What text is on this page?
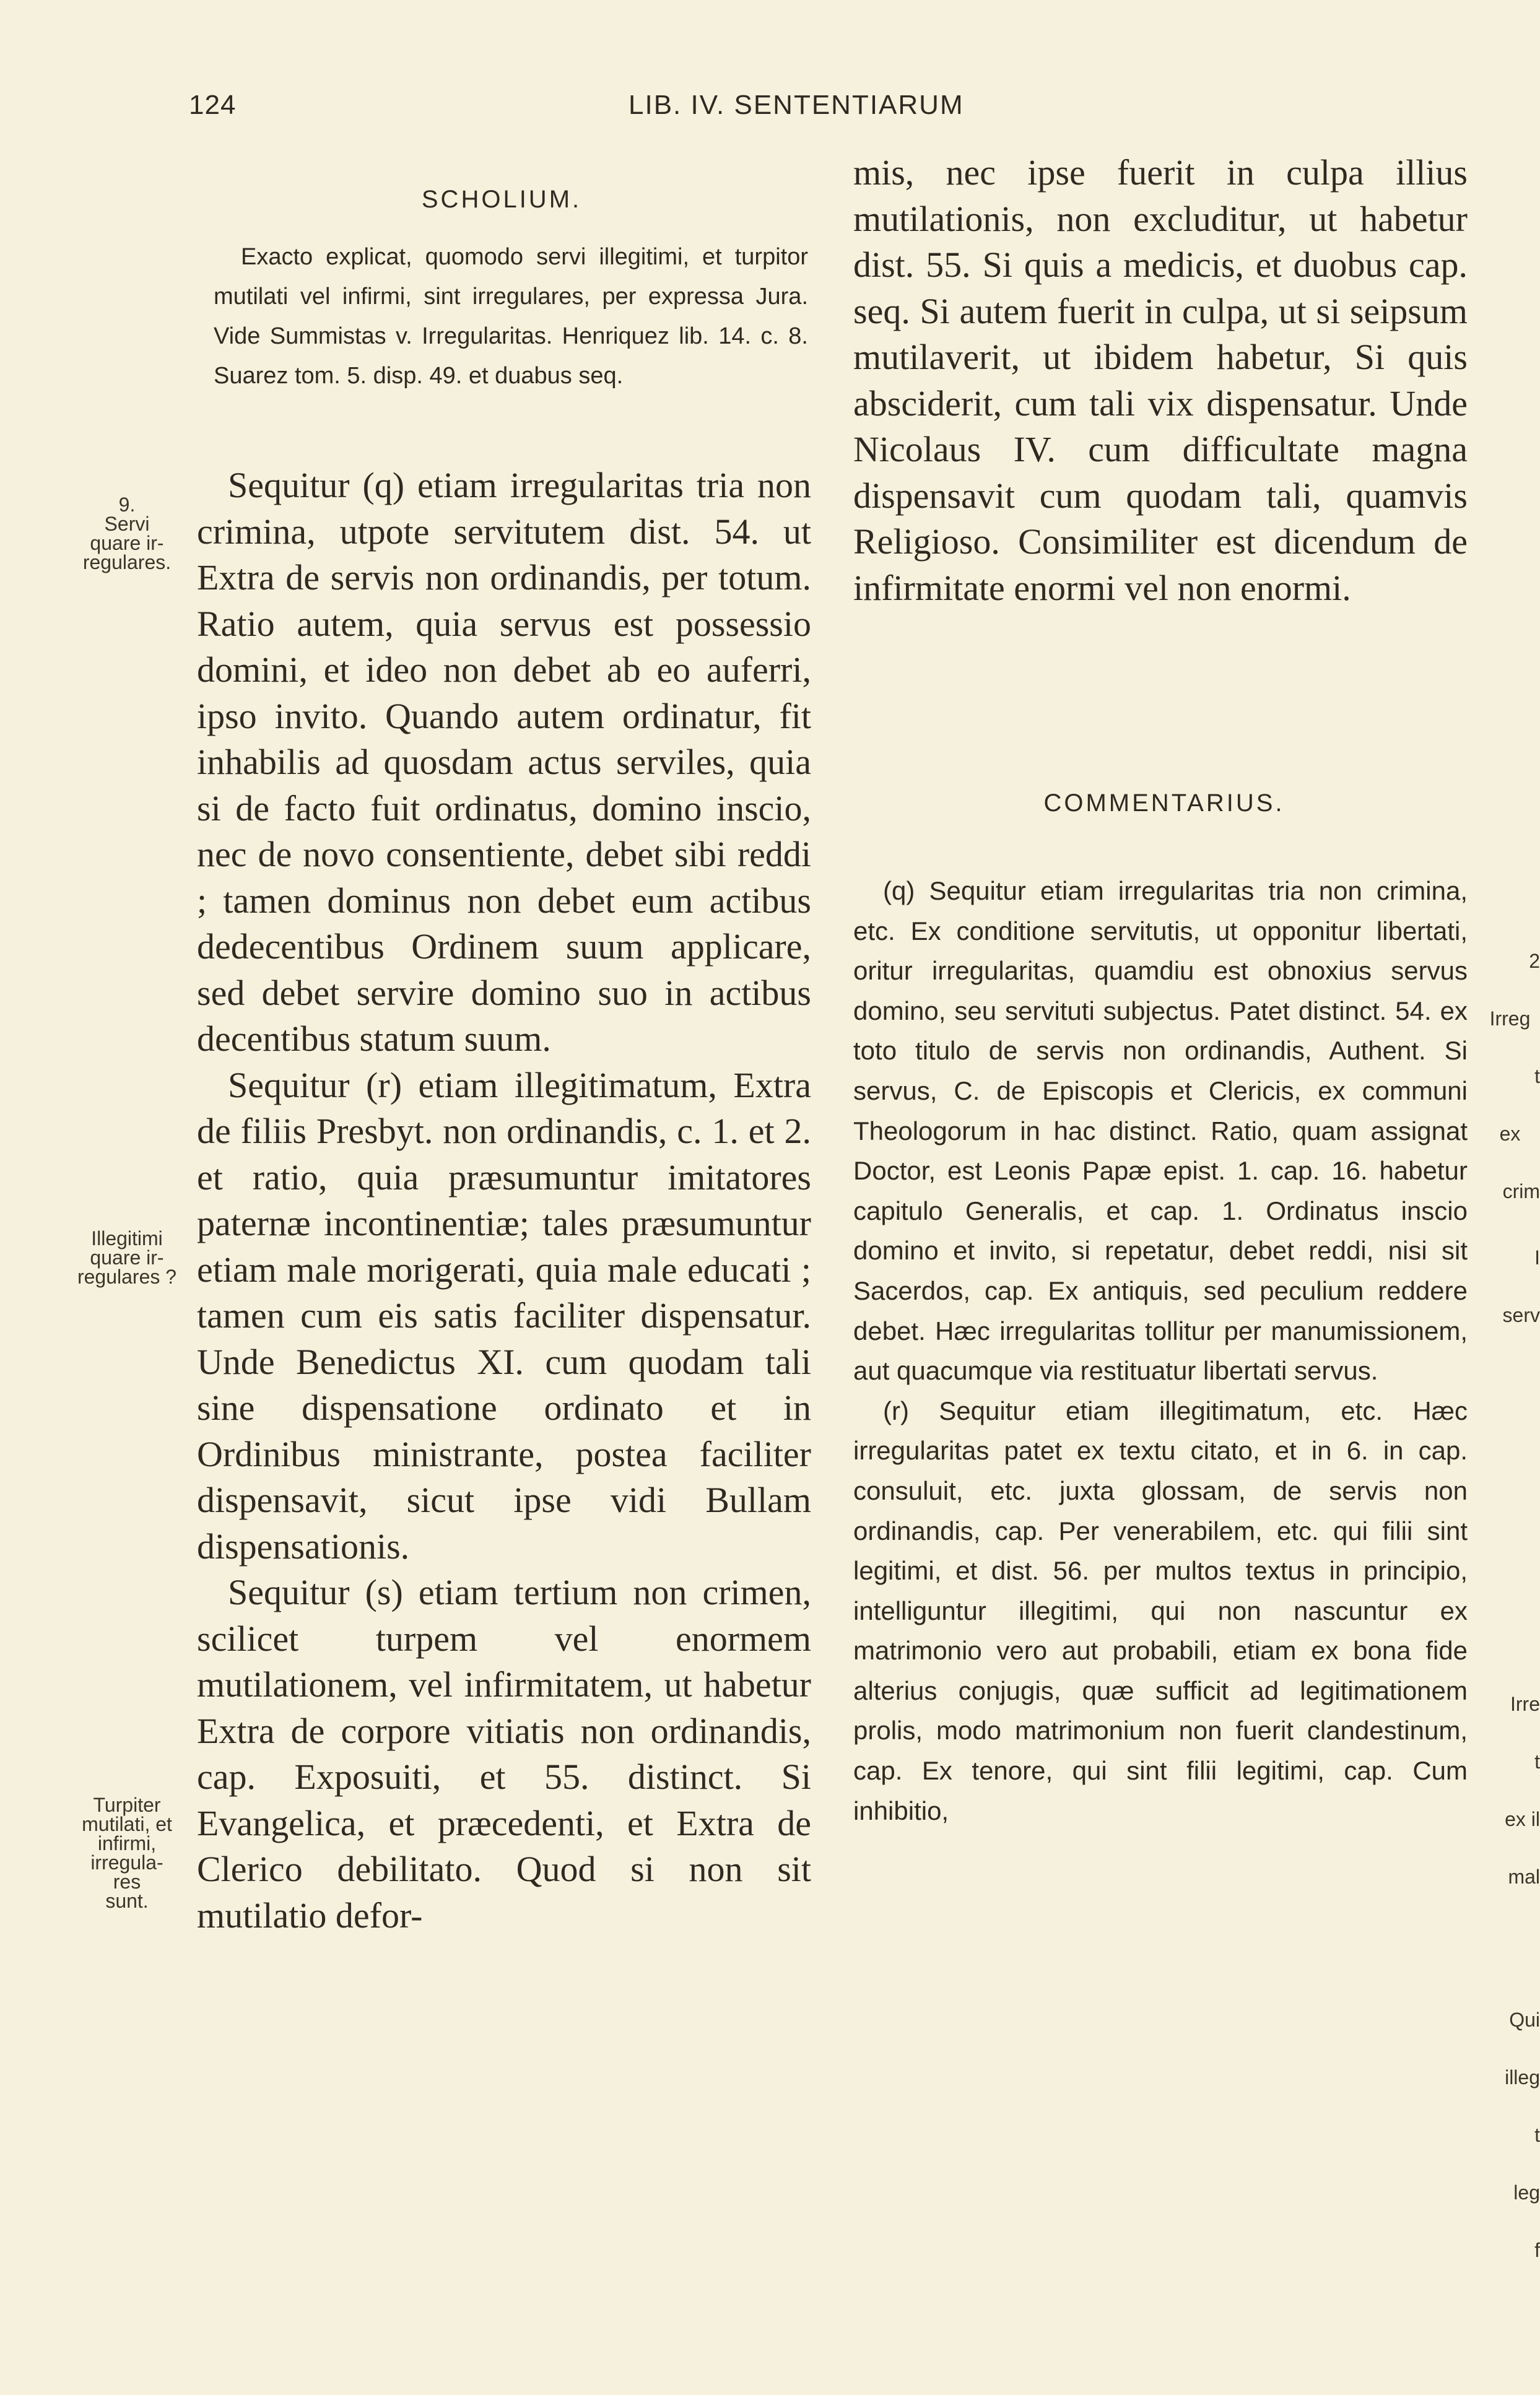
124	LIB. IV. SENTENTIARUM
SCHOLIUM.

Exacto explicat, quomodo servi illegitimi, et turpitor mutilati vel infirmi, sint irregulares, per expressa Jura. Vide Summistas v. Irregularitas. Henriquez lib. 14. c. 8. Suarez tom. 5. disp. 49. et duabus seq.

Sequitur (q) etiam irregularitas tria non crimina, utpote servitutem dist. 54. ut Extra de servis non ordinandis, per totum. Ratio autem, quia servus est possessio domini, et ideo non debet ab eo auferri, ipso invito. Quando autem ordinatur, fit inhabilis ad quosdam actus serviles, quia si de facto fuit ordinatus, domino inscio, nec de novo consentiente, debet sibi reddi ; tamen dominus non debet eum actibus dedecentibus Ordinem suum applicare, sed debet servire domino suo in actibus decentibus statum suum.

Sequitur (r) etiam illegitimatum, Extra de filiis Presbyt. non ordinandis, c. 1. et 2. et ratio, quia præsumuntur imitatores paternæ incontinentiæ; tales præsumuntur etiam male morigerati, quia male educati ; tamen cum eis satis faciliter dispensatur. Unde Benedictus XI. cum quodam tali sine dispensatione ordinato et in Ordinibus ministrante, postea faciliter dispensavit, sicut ipse vidi Bullam dispensationis.

Sequitur (s) etiam tertium non crimen, scilicet turpem vel enormem mutilationem, vel infirmitatem, ut habetur Extra de corpore vitiatis non ordinandis, cap. Exposuiti, et 55. distinct. Si Evangelica, et præcedenti, et Extra de Clerico debilitato. Quod si non sit mutilatio defor-

9.
Servi
quare ir-
regulares.
Illegitimi
quare ir-
regulares ?
Turpiter
mutilati, et
infirmi,
irregula-
res
sunt.

mis, nec ipse fuerit in culpa illius mutilationis, non excluditur, ut habetur dist. 55. Si quis a medicis, et duobus cap. seq. Si autem fuerit in culpa, ut si seipsum mutilaverit, ut ibidem habetur, Si quis absciderit, cum tali vix dispensatur. Unde Nicolaus IV. cum difficultate magna dispensavit cum quodam tali, quamvis Religioso. Consimiliter est dicendum de infirmitate enormi vel non enormi.

COMMENTARIUS.

(q) Sequitur etiam irregularitas tria non crimina, etc. Ex conditione servitutis, ut opponitur libertati, oritur irregularitas, quamdiu est obnoxius servus domino, seu servituti subjectus. Patet distinct. 54. ex toto titulo de servis non ordinandis, Authent. Si servus, C. de Episcopis et Clericis, ex communi Theologorum in hac distinct. Ratio, quam assignat Doctor, est Leonis Papæ epist. 1. cap. 16. habetur capitulo Generalis, et cap. 1. Ordinatus inscio domino et invito, si repetatur, debet reddi, nisi sit Sacerdos, cap. Ex antiquis, sed peculium reddere debet. Hæc irregularitas tollitur per manumissionem, aut quacumque via restituatur libertati servus.

(r) Sequitur etiam illegitimatum, etc. Hæc irregularitas patet ex textu citato, et in 6. in cap. consuluit, etc. juxta glossam, de servis non ordinandis, cap. Per venerabilem, etc. qui filii sint legitimi, et dist. 56. per multos textus in principio, intelliguntur illegitimi, qui non nascuntur ex matrimonio vero aut probabili, etiam ex bona fide alterius conjugis, quæ sufficit ad legitimationem prolis, modo matrimonium non fuerit clandestinum, cap. Ex tenore, qui sint filii legitimi, cap. Cum inhibitio,

2

Irreg

t

ex

crim

I

serv

Irre

t

ex il

mal

Qui

illeg

t

leg

f
